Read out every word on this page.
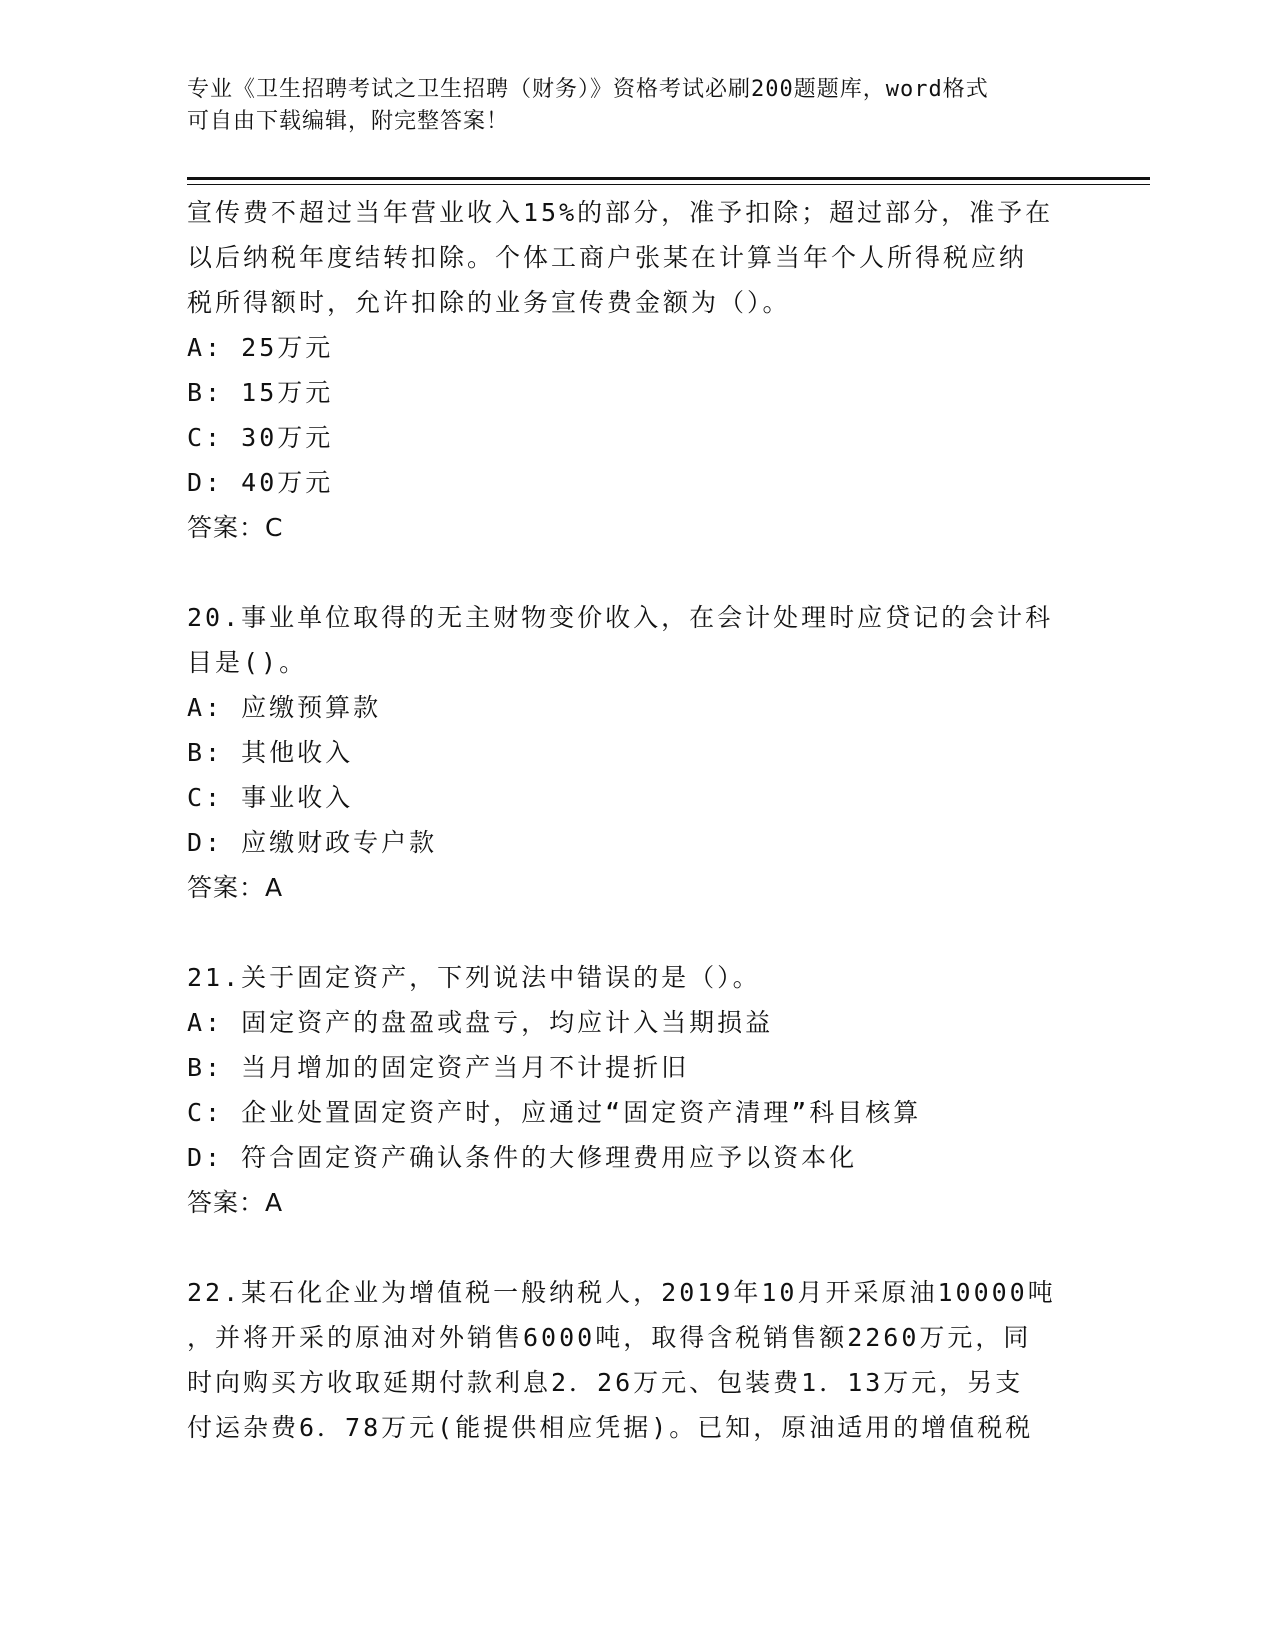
专业《卫生招聘考试之卫生招聘（财务）》资格考试必刷200题题库，word格式
可自由下载编辑，附完整答案！
宣传费不超过当年营业收入15%的部分，准予扣除；超过部分，准予在
以后纳税年度结转扣除。个体工商户张某在计算当年个人所得税应纳
税所得额时，允许扣除的业务宣传费金额为（）。
A: 25万元
B: 15万元
C: 30万元
D: 40万元
答案：C
20.事业单位取得的无主财物变价收入，在会计处理时应贷记的会计科
目是()。
A: 应缴预算款
B: 其他收入
C: 事业收入
D: 应缴财政专户款
答案：A
21.关于固定资产，下列说法中错误的是（）。
A: 固定资产的盘盈或盘亏，均应计入当期损益
B: 当月增加的固定资产当月不计提折旧
C: 企业处置固定资产时，应通过“固定资产清理”科目核算
D: 符合固定资产确认条件的大修理费用应予以资本化
答案：A
22.某石化企业为增值税一般纳税人，2019年10月开采原油10000吨
，并将开采的原油对外销售6000吨，取得含税销售额2260万元，同
时向购买方收取延期付款利息2．26万元、包装费1．13万元，另支
付运杂费6．78万元(能提供相应凭据)。已知，原油适用的增值税税
